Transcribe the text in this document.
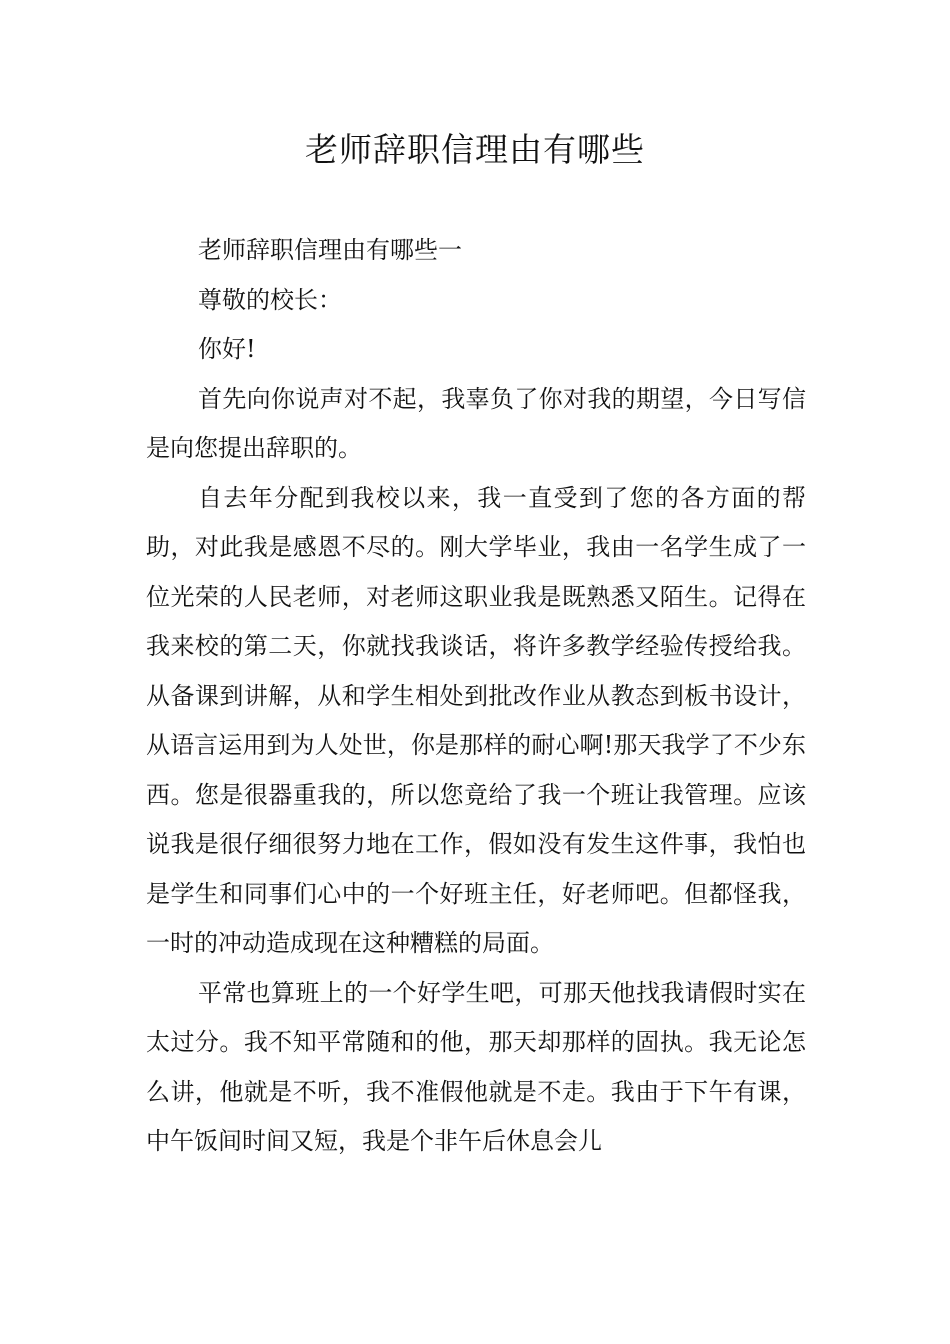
老师辞职信理由有哪些

老师辞职信理由有哪些一

尊敬的校长：

你好!

首先向你说声对不起，我辜负了你对我的期望，今日写信是向您提出辞职的。

自去年分配到我校以来，我一直受到了您的各方面的帮助，对此我是感恩不尽的。刚大学毕业，我由一名学生成了一位光荣的人民老师，对老师这职业我是既熟悉又陌生。记得在我来校的第二天，你就找我谈话，将许多教学经验传授给我。从备课到讲解，从和学生相处到批改作业从教态到板书设计，从语言运用到为人处世，你是那样的耐心啊!那天我学了不少东西。您是很器重我的，所以您竟给了我一个班让我管理。应该说我是很仔细很努力地在工作，假如没有发生这件事，我怕也是学生和同事们心中的一个好班主任，好老师吧。但都怪我，一时的冲动造成现在这种糟糕的局面。

平常也算班上的一个好学生吧，可那天他找我请假时实在太过分。我不知平常随和的他，那天却那样的固执。我无论怎么讲，他就是不听，我不准假他就是不走。我由于下午有课，中午饭间时间又短，我是个非午后休息会儿
